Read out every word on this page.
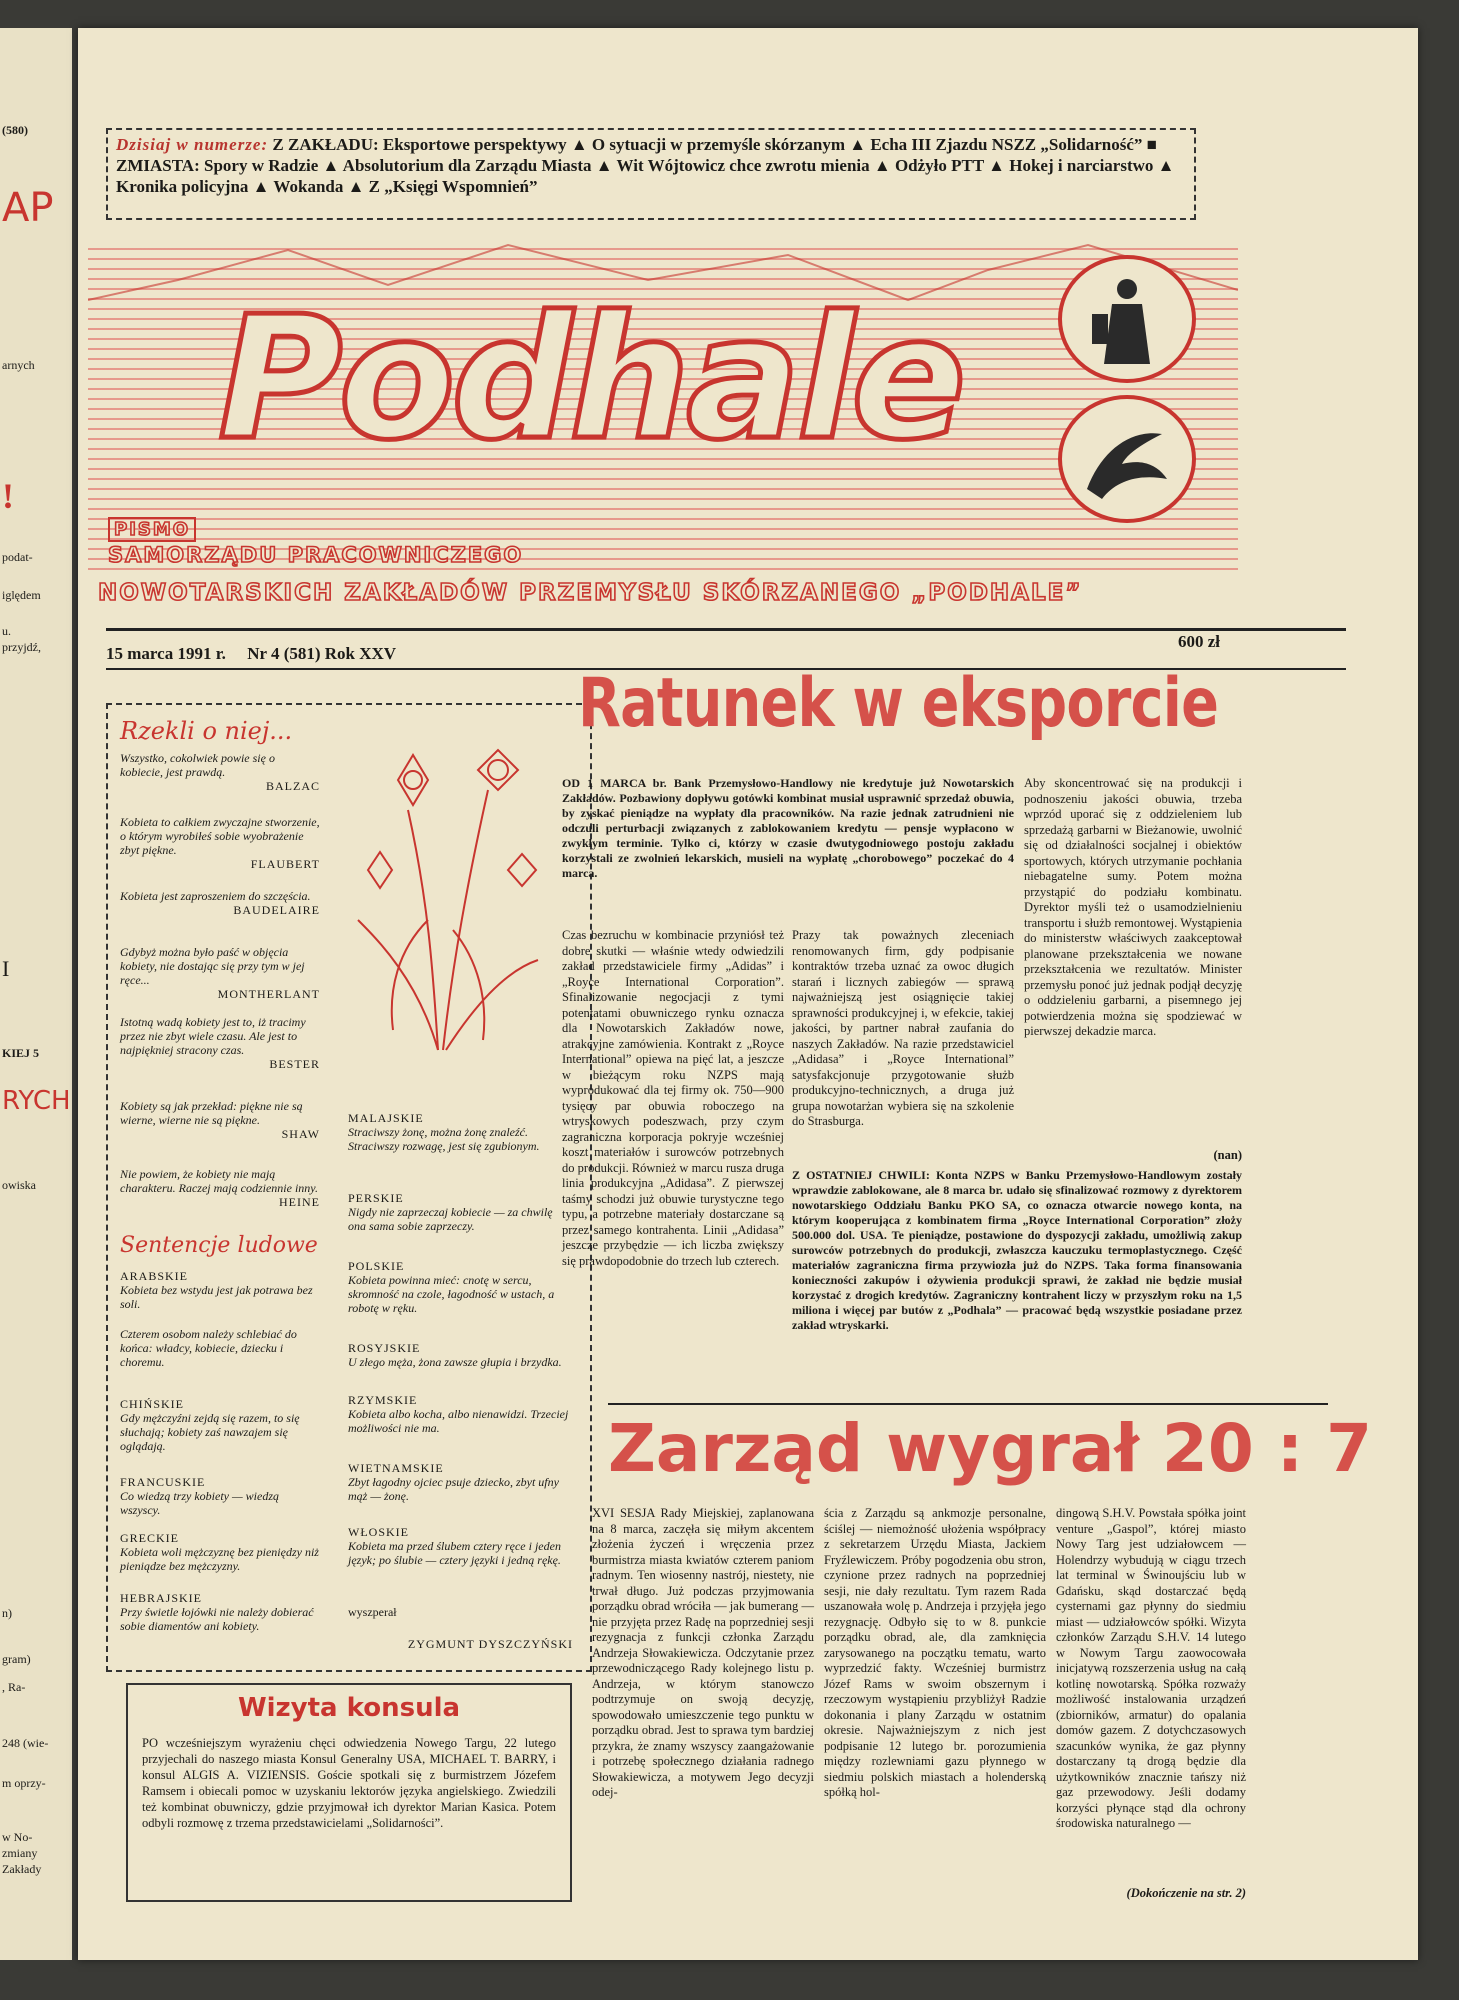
(580)
AP
arnych
!
podat-
iględem
u.
przyjdź,
I
KIEJ 5
RYCH
owiska
n)
gram)
, Ra-
248 (wie-
m oprzy-
w No-
zmiany
Zakłady
Dzisiaj w numerze: Z ZAKŁADU: Eksportowe perspektywy ▲ O sytuacji w przemyśle skórzanym ▲ Echa III Zjazdu NSZZ „Solidarność” ■ ZMIASTA: Spory w Radzie ▲ Absolutorium dla Zarządu Miasta ▲ Wit Wójtowicz chce zwrotu mienia ▲ Odżyło PTT ▲ Hokej i narciarstwo ▲ Kronika policyjna ▲ Wokanda ▲ Z „Księgi Wspomnień”
Podhale
PISMO
SAMORZĄDU PRACOWNICZEGO
NOWOTARSKICH ZAKŁADÓW PRZEMYSŁU SKÓRZANEGO „PODHALE”
15 marca 1991 r. Nr 4 (581) Rok XXV
600 zł
Rzekli o niej...
Wszystko, cokolwiek powie się o kobiecie, jest prawdą.
BALZAC
Kobieta to całkiem zwyczajne stworzenie, o którym wyrobiłeś sobie wyobrażenie zbyt piękne.
FLAUBERT
Kobieta jest zaproszeniem do szczęścia.
BAUDELAIRE
Gdybyż można było paść w objęcia kobiety, nie dostając się przy tym w jej ręce...
MONTHERLANT
Istotną wadą kobiety jest to, iż tracimy przez nie zbyt wiele czasu. Ale jest to najpiękniej stracony czas.
BESTER
Kobiety są jak przekład: piękne nie są wierne, wierne nie są piękne.
SHAW
Nie powiem, że kobiety nie mają charakteru. Raczej mają codziennie inny.
HEINE
Sentencje ludowe
ARABSKIE
Kobieta bez wstydu jest jak potrawa bez soli.
Czterem osobom należy schlebiać do końca: władcy, kobiecie, dziecku i choremu.
CHIŃSKIE
Gdy mężczyźni zejdą się razem, to się słuchają; kobiety zaś nawzajem się oglądają.
FRANCUSKIE
Co wiedzą trzy kobiety — wiedzą wszyscy.
GRECKIE
Kobieta woli mężczyznę bez pieniędzy niż pieniądze bez mężczyzny.
HEBRAJSKIE
Przy świetle łojówki nie należy dobierać sobie diamentów ani kobiety.
MALAJSKIE
Straciwszy żonę, można żonę znaleźć. Straciwszy rozwagę, jest się zgubionym.
PERSKIE
Nigdy nie zaprzeczaj kobiecie — za chwilę ona sama sobie zaprzeczy.
POLSKIE
Kobieta powinna mieć: cnotę w sercu, skromność na czole, łagodność w ustach, a robotę w ręku.
ROSYJSKIE
U złego męża, żona zawsze głupia i brzydka.
RZYMSKIE
Kobieta albo kocha, albo nienawidzi. Trzeciej możliwości nie ma.
WIETNAMSKIE
Zbyt łagodny ojciec psuje dziecko, zbyt ufny mąż — żonę.
WŁOSKIE
Kobieta ma przed ślubem cztery ręce i jeden język; po ślubie — cztery języki i jedną rękę.
wyszperał
ZYGMUNT DYSZCZYŃSKI
Wizyta konsula
PO wcześniejszym wyrażeniu chęci odwiedzenia Nowego Targu, 22 lutego przyjechali do naszego miasta Konsul Generalny USA, MICHAEL T. BARRY, i konsul ALGIS A. VIZIENSIS. Goście spotkali się z burmistrzem Józefem Ramsem i obiecali pomoc w uzyskaniu lektorów języka angielskiego. Zwiedzili też kombinat obuwniczy, gdzie przyjmował ich dyrektor Marian Kasica. Potem odbyli rozmowę z trzema przedstawicielami „Solidarności”.
Ratunek w eksporcie
OD 1 MARCA br. Bank Przemysłowo-Handlowy nie kredytuje już Nowotarskich Zakładów. Pozbawiony dopływu gotówki kombinat musiał usprawnić sprzedaż obuwia, by zyskać pieniądze na wypłaty dla pracowników. Na razie jednak zatrudnieni nie odczuli perturbacji związanych z zablokowaniem kredytu — pensje wypłacono w zwykłym terminie. Tylko ci, którzy w czasie dwutygodniowego postoju zakładu korzystali ze zwolnień lekarskich, musieli na wypłatę „chorobowego” poczekać do 4 marca.
Czas bezruchu w kombinacie przyniósł też dobre skutki — właśnie wtedy odwiedzili zakład przedstawiciele firmy „Adidas” i „Royce International Corporation”. Sfinalizowanie negocjacji z tymi potentatami obuwniczego rynku oznacza dla Nowotarskich Zakładów nowe, atrakcyjne zamówienia. Kontrakt z „Royce International” opiewa na pięć lat, a jeszcze w bieżącym roku NZPS mają wyprodukować dla tej firmy ok. 750—900 tysięcy par obuwia roboczego na wtryskowych podeszwach, przy czym zagraniczna korporacja pokryje wcześniej koszt materiałów i surowców potrzebnych do produkcji. Również w marcu rusza druga linia produkcyjna „Adidasa”. Z pierwszej taśmy schodzi już obuwie turystyczne tego typu, a potrzebne materiały dostarczane są przez samego kontrahenta. Linii „Adidasa” jeszcze przybędzie — ich liczba zwiększy się prawdopodobnie do trzech lub czterech.
Prazy tak poważnych zleceniach renomowanych firm, gdy podpisanie kontraktów trzeba uznać za owoc długich starań i licznych zabiegów — sprawą najważniejszą jest osiągnięcie takiej sprawności produkcyjnej i, w efekcie, takiej jakości, by partner nabrał zaufania do naszych Zakładów. Na razie przedstawiciel „Adidasa” i „Royce International” satysfakcjonuje przygotowanie służb produkcyjno-technicznych, a druga już grupa nowotarżan wybiera się na szkolenie do Strasburga.
Aby skoncentrować się na produkcji i podnoszeniu jakości obuwia, trzeba wprzód uporać się z oddzieleniem lub sprzedażą garbarni w Bieżanowie, uwolnić się od działalności socjalnej i obiektów sportowych, których utrzymanie pochłania niebagatelne sumy. Potem można przystąpić do podziału kombinatu. Dyrektor myśli też o usamodzielnieniu transportu i służb remontowej. Wystąpienia do ministerstw właściwych zaakceptował planowane przekształcenia we nowane przekształcenia we rezultatów. Minister przemysłu ponoć już jednak podjął decyzję o oddzieleniu garbarni, a pisemnego jej potwierdzenia można się spodziewać w pierwszej dekadzie marca.
(nan)
Z OSTATNIEJ CHWILI: Konta NZPS w Banku Przemysłowo-Handlowym zostały wprawdzie zablokowane, ale 8 marca br. udało się sfinalizować rozmowy z dyrektorem nowotarskiego Oddziału Banku PKO SA, co oznacza otwarcie nowego konta, na którym kooperująca z kombinatem firma „Royce International Corporation” złoży 500.000 dol. USA. Te pieniądze, postawione do dyspozycji zakładu, umożliwią zakup surowców potrzebnych do produkcji, zwłaszcza kauczuku termoplastycznego. Część materiałów zagraniczna firma przywiozła już do NZPS. Taka forma finansowania konieczności zakupów i ożywienia produkcji sprawi, że zakład nie będzie musiał korzystać z drogich kredytów. Zagraniczny kontrahent liczy w przyszłym roku na 1,5 miliona i więcej par butów z „Podhala” — pracować będą wszystkie posiadane przez zakład wtryskarki.
Zarząd wygrał 20 : 7
XVI SESJA Rady Miejskiej, zaplanowana na 8 marca, zaczęła się miłym akcentem złożenia życzeń i wręczenia przez burmistrza miasta kwiatów czterem paniom radnym. Ten wiosenny nastrój, niestety, nie trwał długo. Już podczas przyjmowania porządku obrad wróciła — jak bumerang — nie przyjęta przez Radę na poprzedniej sesji rezygnacja z funkcji członka Zarządu Andrzeja Słowakiewicza. Odczytanie przez przewodniczącego Rady kolejnego listu p. Andrzeja, w którym stanowczo podtrzymuje on swoją decyzję, spowodowało umieszczenie tego punktu w porządku obrad. Jest to sprawa tym bardziej przykra, że znamy wszyscy zaangażowanie i potrzebę społecznego działania radnego Słowakiewicza, a motywem Jego decyzji odej-
ścia z Zarządu są ankmozje personalne, ściślej — niemożność ułożenia współpracy z sekretarzem Urzędu Miasta, Jackiem Fryźlewiczem. Próby pogodzenia obu stron, czynione przez radnych na poprzedniej sesji, nie dały rezultatu. Tym razem Rada uszanowała wolę p. Andrzeja i przyjęła jego rezygnację. Odbyło się to w 8. punkcie porządku obrad, ale, dla zamknięcia zarysowanego na początku tematu, warto wyprzedzić fakty. Wcześniej burmistrz Józef Rams w swoim obszernym i rzeczowym wystąpieniu przybliżył Radzie dokonania i plany Zarządu w ostatnim okresie. Najważniejszym z nich jest podpisanie 12 lutego br. porozumienia między rozlewniami gazu płynnego w siedmiu polskich miastach a holenderską spółką hol-
dingową S.H.V. Powstała spółka joint venture „Gaspol”, której miasto Nowy Targ jest udziałowcem — Holendrzy wybudują w ciągu trzech lat terminal w Świnoujściu lub w Gdańsku, skąd dostarczać będą cysternami gaz płynny do siedmiu miast — udziałowców spółki. Wizyta członków Zarządu S.H.V. 14 lutego w Nowym Targu zaowocowała inicjatywą rozszerzenia usług na całą kotlinę nowotarską. Spółka rozważy możliwość instalowania urządzeń (zbiorników, armatur) do opalania domów gazem. Z dotychczasowych szacunków wynika, że gaz płynny dostarczany tą drogą będzie dla użytkowników znacznie tańszy niż gaz przewodowy. Jeśli dodamy korzyści płynące stąd dla ochrony środowiska naturalnego —
(Dokończenie na str. 2)
